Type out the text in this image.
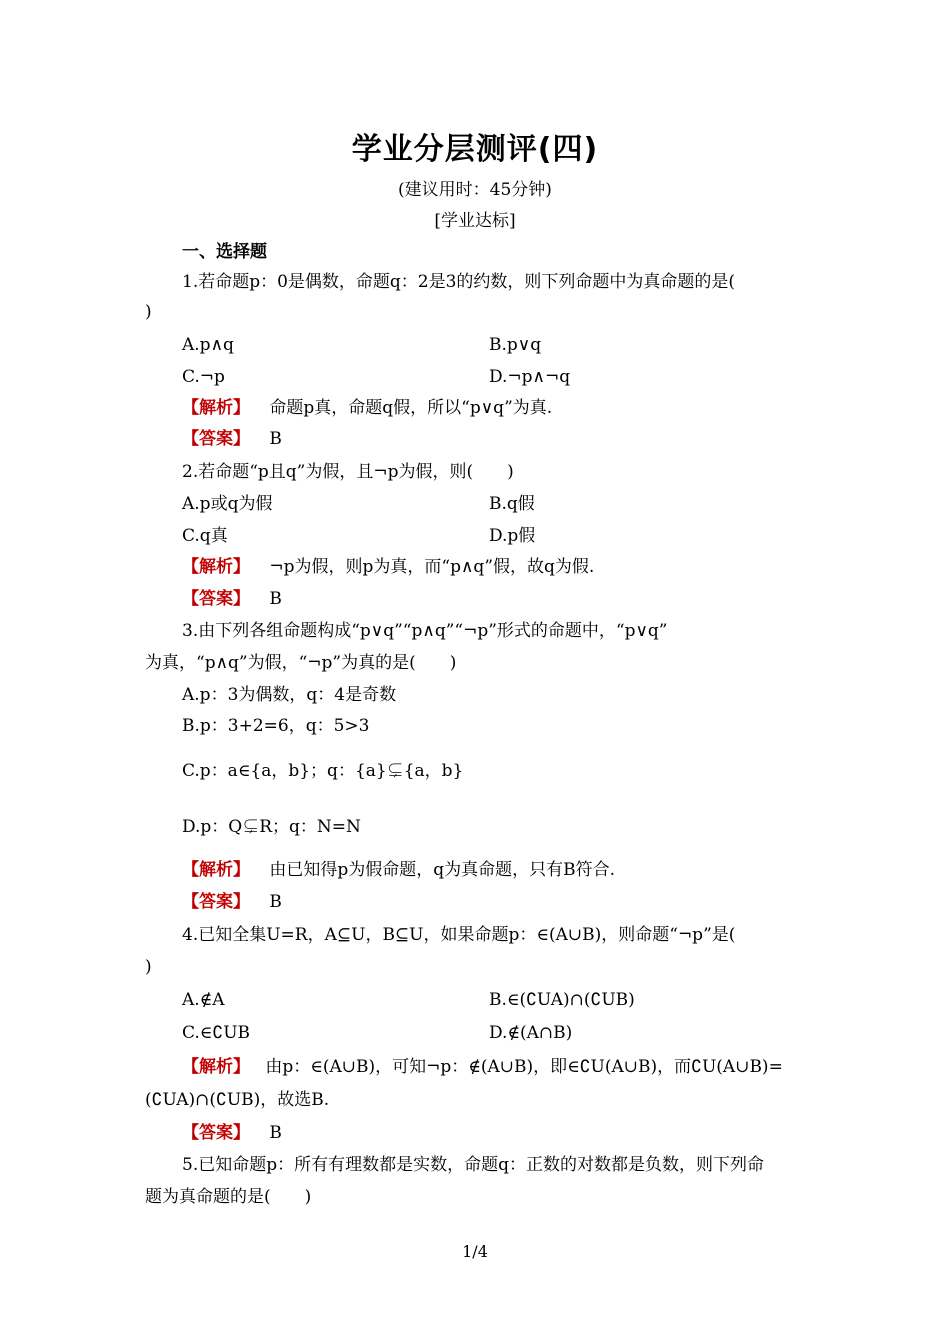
学业分层测评(四)
(建议用时：45分钟)
[学业达标]
一、选择题
1.若命题p：0是偶数，命题q：2是3的约数，则下列命题中为真命题的是(
)
A.p∧q	B.p∨q
C.¬p	D.¬p∧¬q
【解析】 命题p真，命题q假，所以“p∨q”为真.
【答案】 B
2.若命题“p且q”为假，且¬p为假，则(　　)
A.p或q为假	B.q假
C.q真	D.p假
【解析】 ¬p为假，则p为真，而“p∧q”假，故q为假.
【答案】 B
3.由下列各组命题构成“p∨q”“p∧q”“¬p”形式的命题中，“p∨q”
为真，“p∧q”为假，“¬p”为真的是(　　)
A.p：3为偶数，q：4是奇数
B.p：3+2=6，q：5>3
C.p：a∈{a，b}；q：{a}⊊{a，b}
D.p：Q⊊R；q：N=N
【解析】 由已知得p为假命题，q为真命题，只有B符合.
【答案】 B
4.已知全集U=R，A⊆U，B⊆U，如果命题p：∈(A∪B)，则命题“¬p”是(
)
A.∉A	B.∈(∁UA)∩(∁UB)
C.∈∁UB	D.∉(A∩B)
【解析】 由p：∈(A∪B)，可知¬p：∉(A∪B)，即∈∁U(A∪B)，而∁U(A∪B)=
(∁UA)∩(∁UB)，故选B.
【答案】 B
5.已知命题p：所有有理数都是实数，命题q：正数的对数都是负数，则下列命
题为真命题的是(　　)
1/4
